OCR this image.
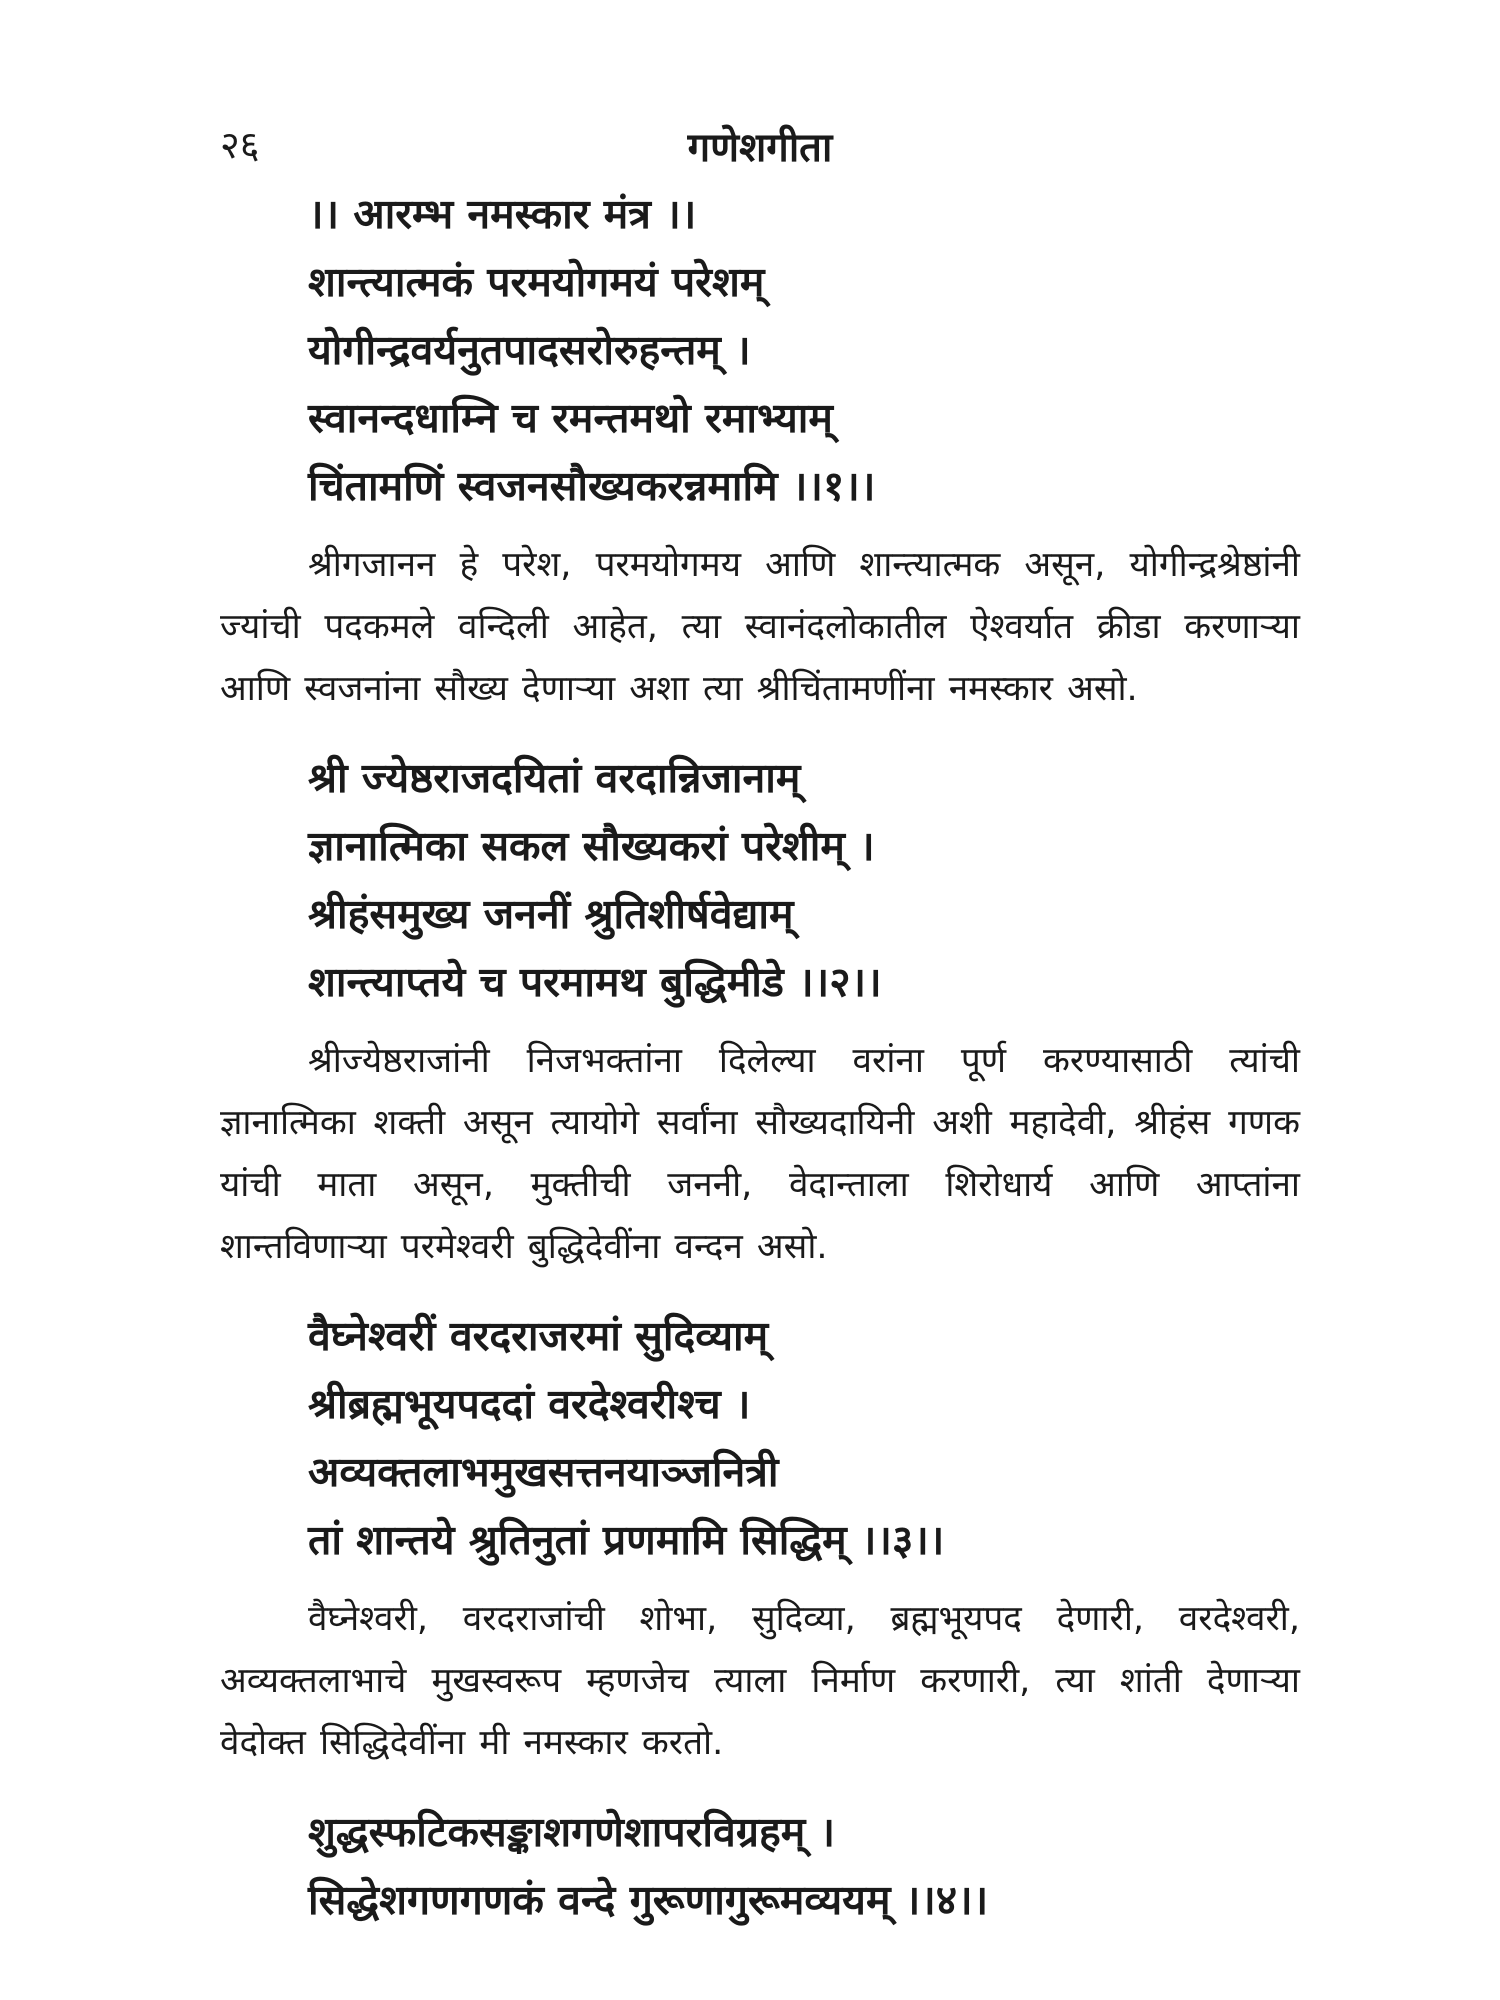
२६	गणेशगीता
।। आरम्भ नमस्कार मंत्र ।।
शान्त्यात्मकं परमयोगमयं परेशम्
योगीन्द्रवर्यनुतपादसरोरुहन्तम् ।
स्वानन्दधाम्नि च रमन्तमथो रमाभ्याम्
चिंतामणिं स्वजनसौख्यकरन्नमामि ।।१।।

श्रीगजानन हे परेश, परमयोगमय आणि शान्त्यात्मक असून, योगीन्द्रश्रेष्ठांनी ज्यांची पदकमले वन्दिली आहेत, त्या स्वानंदलोकातील ऐश्वर्यात क्रीडा करणाऱ्या आणि स्वजनांना सौख्य देणाऱ्या अशा त्या श्रीचिंतामणींना नमस्कार असो.

श्री ज्येष्ठराजदयितां वरदान्निजानाम्
ज्ञानात्मिका सकल सौख्यकरां परेशीम् ।
श्रीहंसमुख्य जननीं श्रुतिशीर्षवेद्याम्
शान्त्याप्तये च परमामथ बुद्धिमीडे ।।२।।

श्रीज्येष्ठराजांनी निजभक्तांना दिलेल्या वरांना पूर्ण करण्यासाठी त्यांची ज्ञानात्मिका शक्ती असून त्यायोगे सर्वांना सौख्यदायिनी अशी महादेवी, श्रीहंस गणक यांची माता असून, मुक्तीची जननी, वेदान्ताला शिरोधार्य आणि आप्तांना शान्तविणाऱ्या परमेश्वरी बुद्धिदेवींना वन्दन असो.

वैघ्नेश्वरीं वरदराजरमां सुदिव्याम्
श्रीब्रह्मभूयपददां वरदेश्वरीश्च ।
अव्यक्तलाभमुखसत्तनयाञ्जनित्री
तां शान्तये श्रुतिनुतां प्रणमामि सिद्धिम् ।।३।।

वैघ्नेश्वरी, वरदराजांची शोभा, सुदिव्या, ब्रह्मभूयपद देणारी, वरदेश्वरी, अव्यक्तलाभाचे मुखस्वरूप म्हणजेच त्याला निर्माण करणारी, त्या शांती देणाऱ्या वेदोक्त सिद्धिदेवींना मी नमस्कार करतो.

शुद्धस्फटिकसङ्काशगणेशापरविग्रहम् ।
सिद्धेशगणगणकं वन्दे गुरूणागुरूमव्ययम् ।।४।।
